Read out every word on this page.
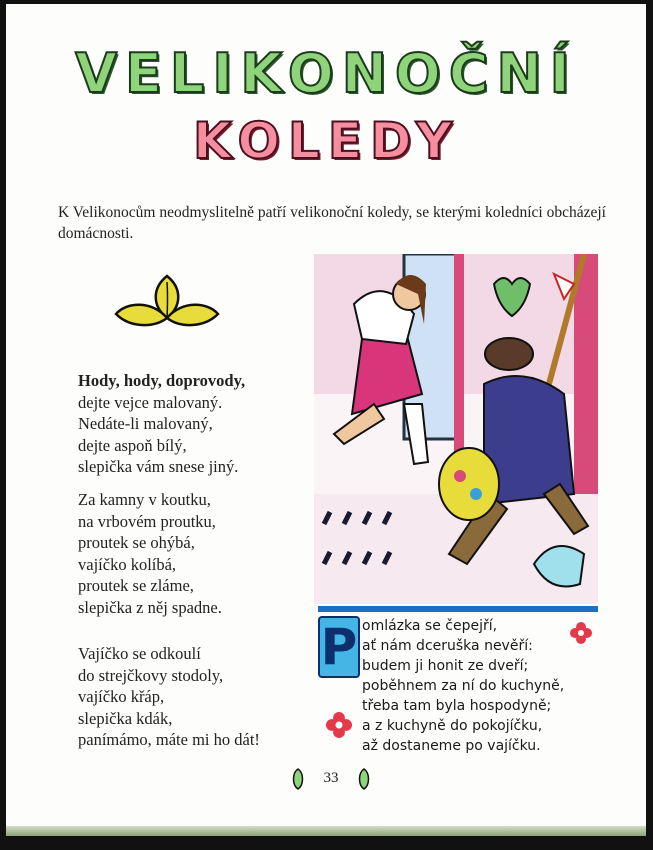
VELIKONOČNÍ
KOLEDY
K Velikonocům neodmyslitelně patří velikonoční koledy, se kterými koledníci obcházejí domácnosti.
Hody, hody, doprovody,
dejte vejce malovaný.
Nedáte-li malovaný,
dejte aspoň bílý,
slepička vám snese jiný.
Za kamny v koutku,
na vrbovém proutku,
proutek se ohýbá,
vajíčko kolíbá,
proutek se zláme,
slepička z něj spadne.
Vajíčko se odkoulí
do strejčkovy stodoly,
vajíčko křáp,
slepička kdák,
panímámo, máte mi ho dát!
P omlázka se čepejří,
ať nám dceruška nevěří:
budem ji honit ze dveří;
poběhnem za ní do kuchyně,
třeba tam byla hospodyně;
a z kuchyně do pokojíčku,
až dostaneme po vajíčku.
33
